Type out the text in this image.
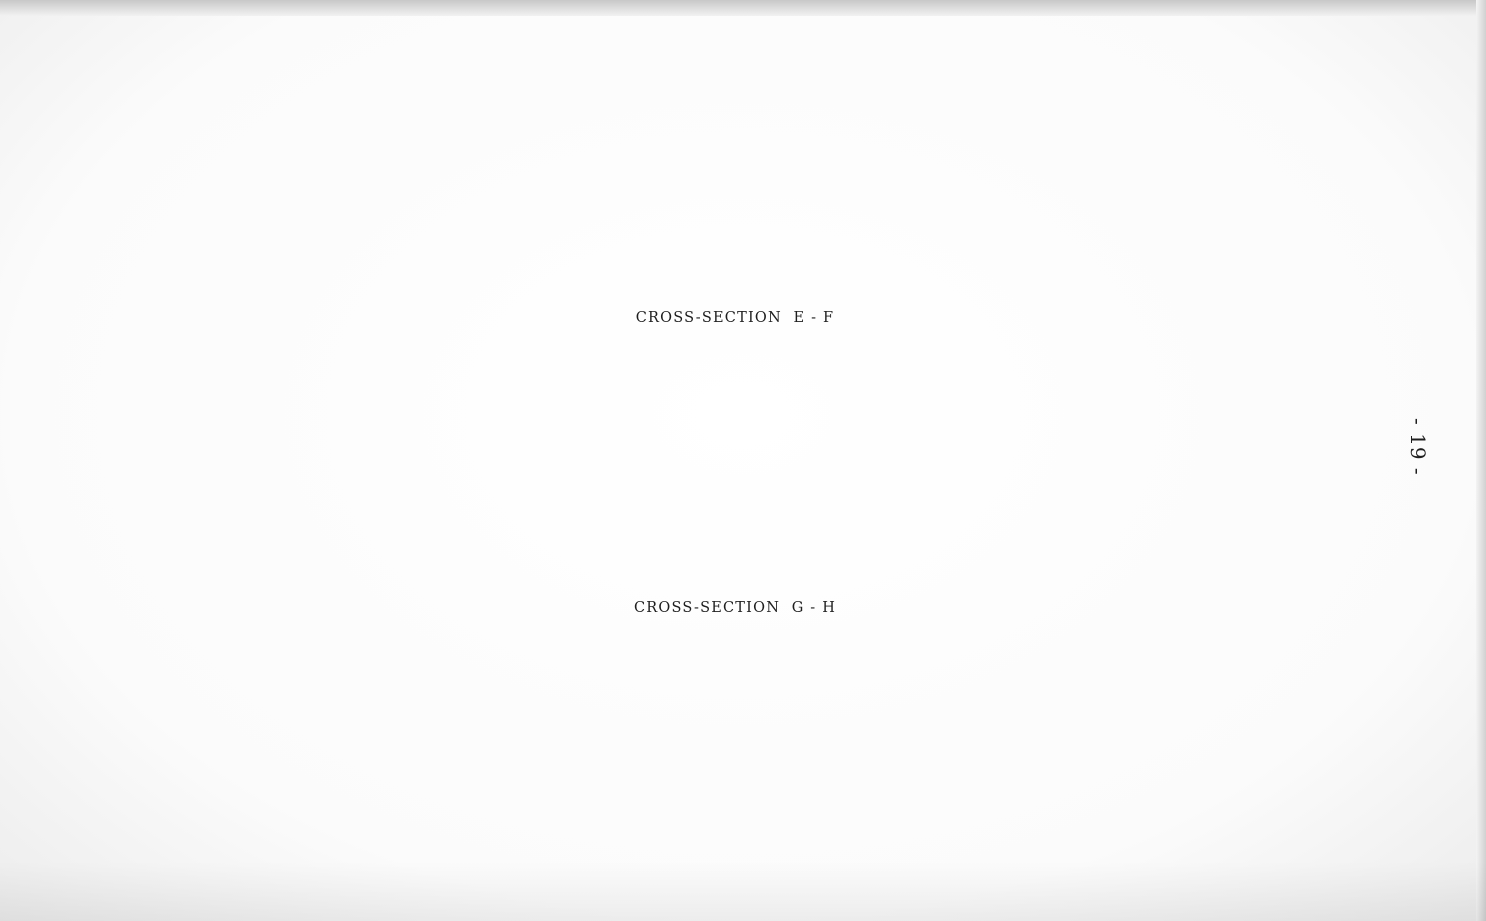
CROSS-SECTION  E - F
CROSS-SECTION  G - H
- 19 -
